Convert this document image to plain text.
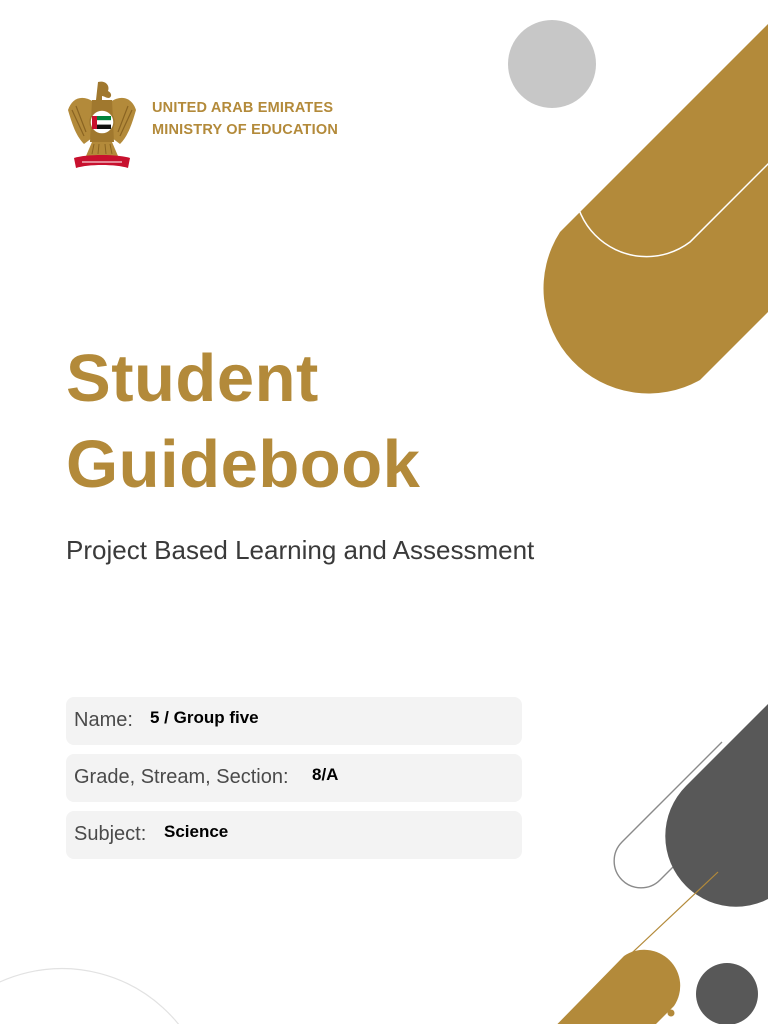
UNITED ARAB EMIRATES
MINISTRY OF EDUCATION
Student
Guidebook
Project Based Learning and Assessment
Name: 5 / Group five
Grade, Stream, Section: 8/A
Subject: Science
